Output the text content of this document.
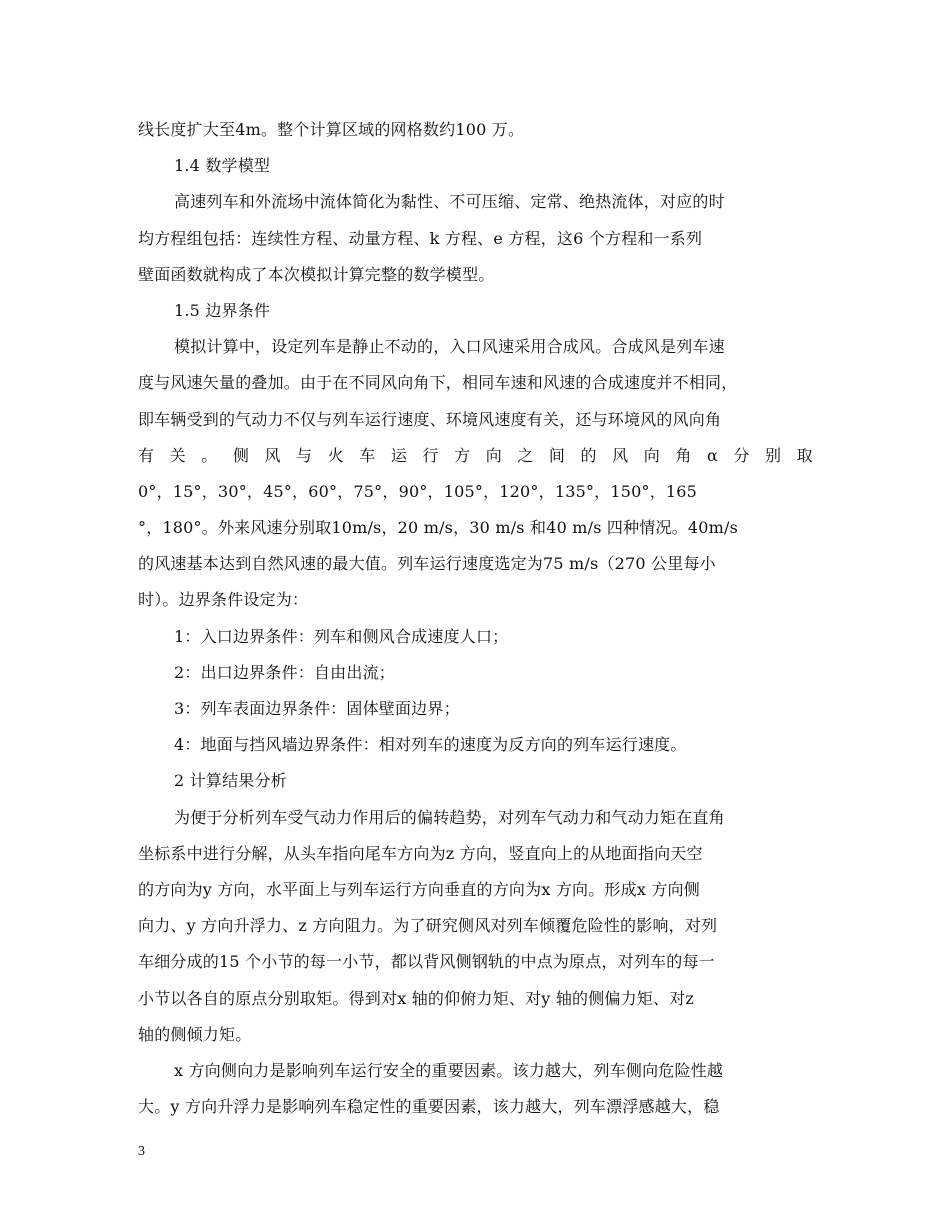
线长度扩大至4m。整个计算区域的网格数约100 万。
1.4 数学模型
高速列车和外流场中流体简化为黏性、不可压缩、定常、绝热流体，对应的时
均方程组包括：连续性方程、动量方程、k 方程、e 方程，这6 个方程和一系列
壁面函数就构成了本次模拟计算完整的数学模型。
1.5 边界条件
模拟计算中，设定列车是静止不动的，入口风速采用合成风。合成风是列车速
度与风速矢量的叠加。由于在不同风向角下，相同车速和风速的合成速度并不相同，
即车辆受到的气动力不仅与列车运行速度、环境风速度有关，还与环境风的风向角
有 关 。 侧 风 与 火 车 运 行 方 向 之 间 的 风 向 角 α 分 别 取
0°，15°，30°，45°，60°，75°，90°，105°，120°，135°，150°，165
°，180°。外来风速分别取10m/s，20 m/s，30 m/s 和40 m/s 四种情况。40m/s
的风速基本达到自然风速的最大值。列车运行速度选定为75 m/s（270 公里每小
时）。边界条件设定为：
1：入口边界条件：列车和侧风合成速度人口；
2：出口边界条件：自由出流；
3：列车表面边界条件：固体壁面边界；
4：地面与挡风墙边界条件：相对列车的速度为反方向的列车运行速度。
2 计算结果分析
为便于分析列车受气动力作用后的偏转趋势，对列车气动力和气动力矩在直角
坐标系中进行分解，从头车指向尾车方向为z 方向，竖直向上的从地面指向天空
的方向为y 方向，水平面上与列车运行方向垂直的方向为x 方向。形成x 方向侧
向力、y 方向升浮力、z 方向阻力。为了研究侧风对列车倾覆危险性的影响，对列
车细分成的15 个小节的每一小节，都以背风侧钢轨的中点为原点，对列车的每一
小节以各自的原点分别取矩。得到对x 轴的仰俯力矩、对y 轴的侧偏力矩、对z
轴的侧倾力矩。
x 方向侧向力是影响列车运行安全的重要因素。该力越大，列车侧向危险性越
大。y 方向升浮力是影响列车稳定性的重要因素，该力越大，列车漂浮感越大，稳
3
